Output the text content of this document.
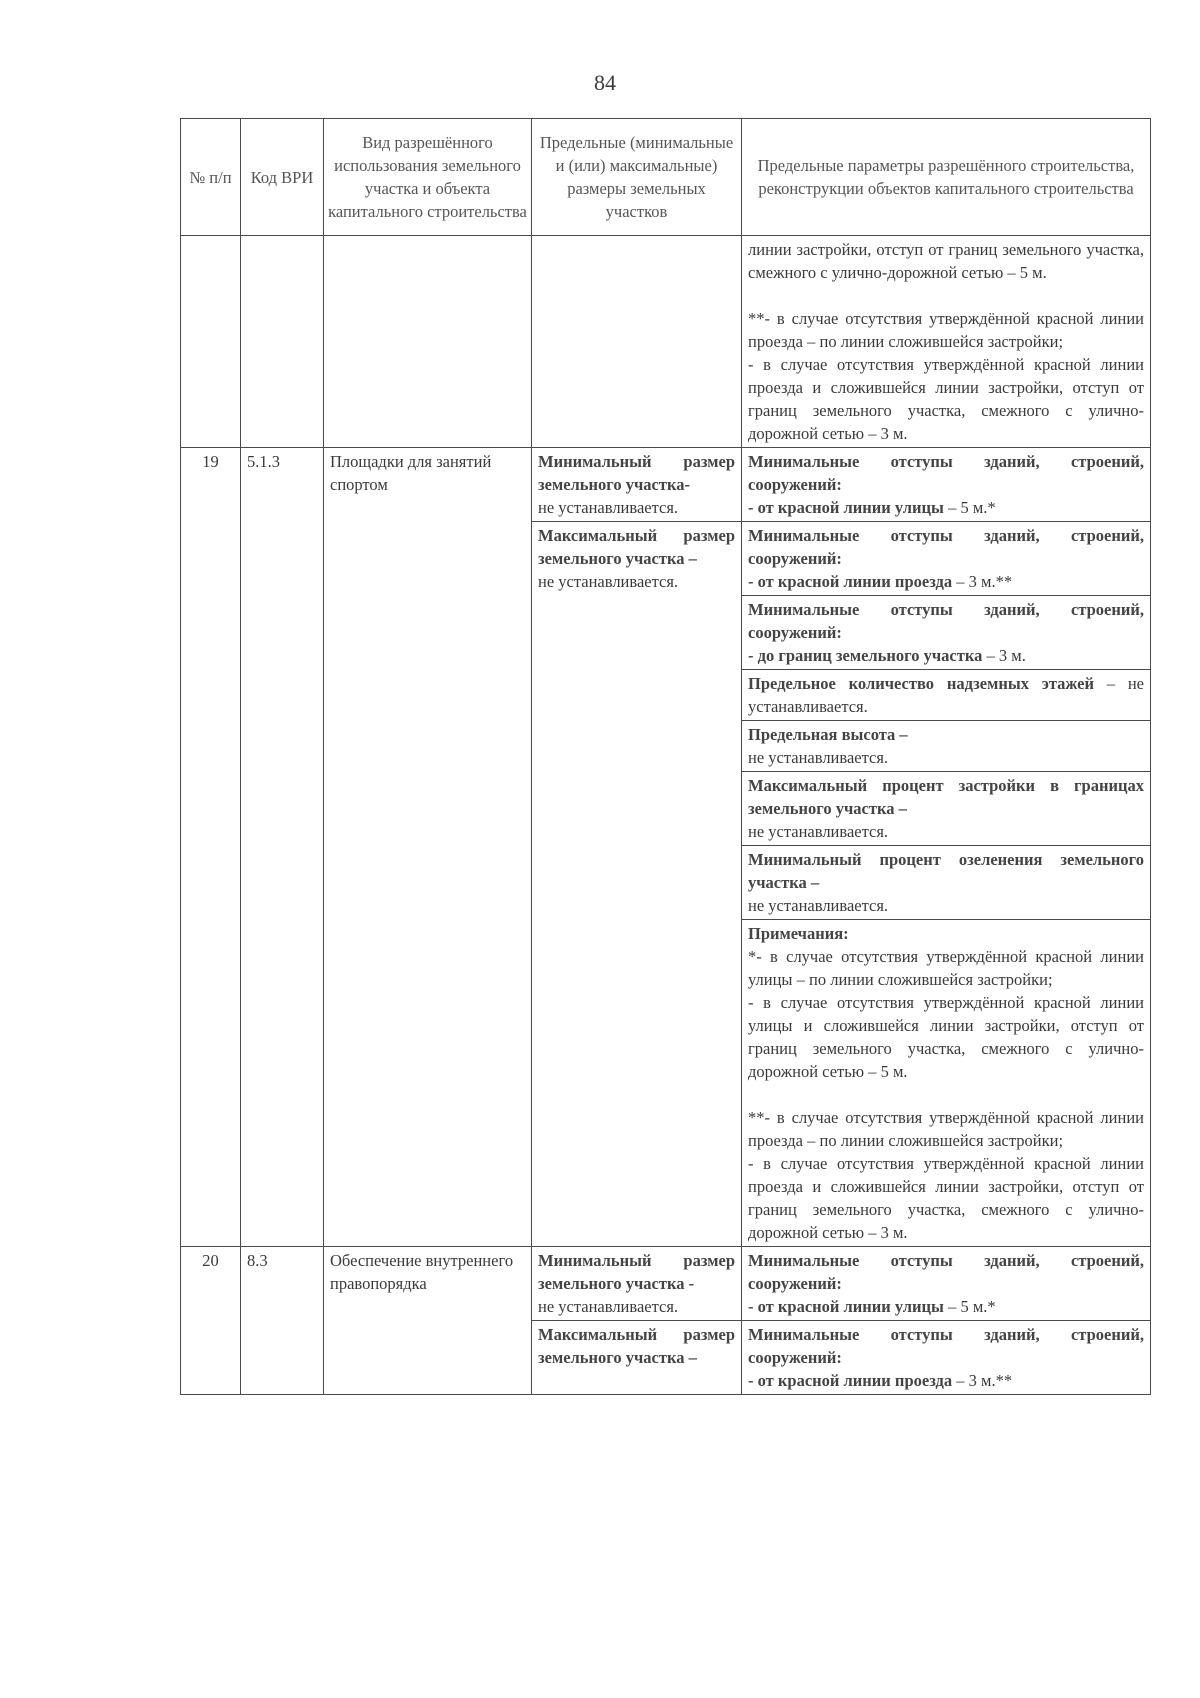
84
№ п/п	Код ВРИ	Вид разрешённого использования земельного участка и объекта капитального строительства	Предельные (минимальные и (или) максимальные) размеры земельных участков	Предельные параметры разрешённого строительства, реконструкции объектов капитального строительства

				линии застройки, отступ от границ земельного участка, смежного с улично-дорожной сетью – 5 м.
**- в случае отсутствия утверждённой красной линии проезда – по линии сложившейся застройки;
- в случае отсутствия утверждённой красной линии проезда и сложившейся линии застройки, отступ от границ земельного участка, смежного с улично-дорожной сетью – 3 м.

19	5.1.3	Площадки для занятий спортом	Минимальный размер земельного участка-
не устанавливается.	Минимальные отступы зданий, строений, сооружений:
- от красной линии улицы – 5 м.*
			Максимальный размер земельного участка –
не устанавливается.	Минимальные отступы зданий, строений, сооружений:
- от красной линии проезда – 3 м.**
				Минимальные отступы зданий, строений, сооружений:
- до границ земельного участка – 3 м.
				Предельное количество надземных этажей – не устанавливается.
				Предельная высота –
не устанавливается.
				Максимальный процент застройки в границах земельного участка –
не устанавливается.
				Минимальный процент озеленения земельного участка –
не устанавливается.

				Примечания:
*- в случае отсутствия утверждённой красной линии улицы – по линии сложившейся застройки;
- в случае отсутствия утверждённой красной линии улицы и сложившейся линии застройки, отступ от границ земельного участка, смежного с улично-дорожной сетью – 5 м.
**- в случае отсутствия утверждённой красной линии проезда – по линии сложившейся застройки;
- в случае отсутствия утверждённой красной линии проезда и сложившейся линии застройки, отступ от границ земельного участка, смежного с улично-дорожной сетью – 3 м.

20	8.3	Обеспечение внутреннего правопорядка	Минимальный размер земельного участка -
не устанавливается.	Минимальные отступы зданий, строений, сооружений:
- от красной линии улицы – 5 м.*
			Максимальный размер земельного участка –	Минимальные отступы зданий, строений, сооружений:
- от красной линии проезда – 3 м.**
